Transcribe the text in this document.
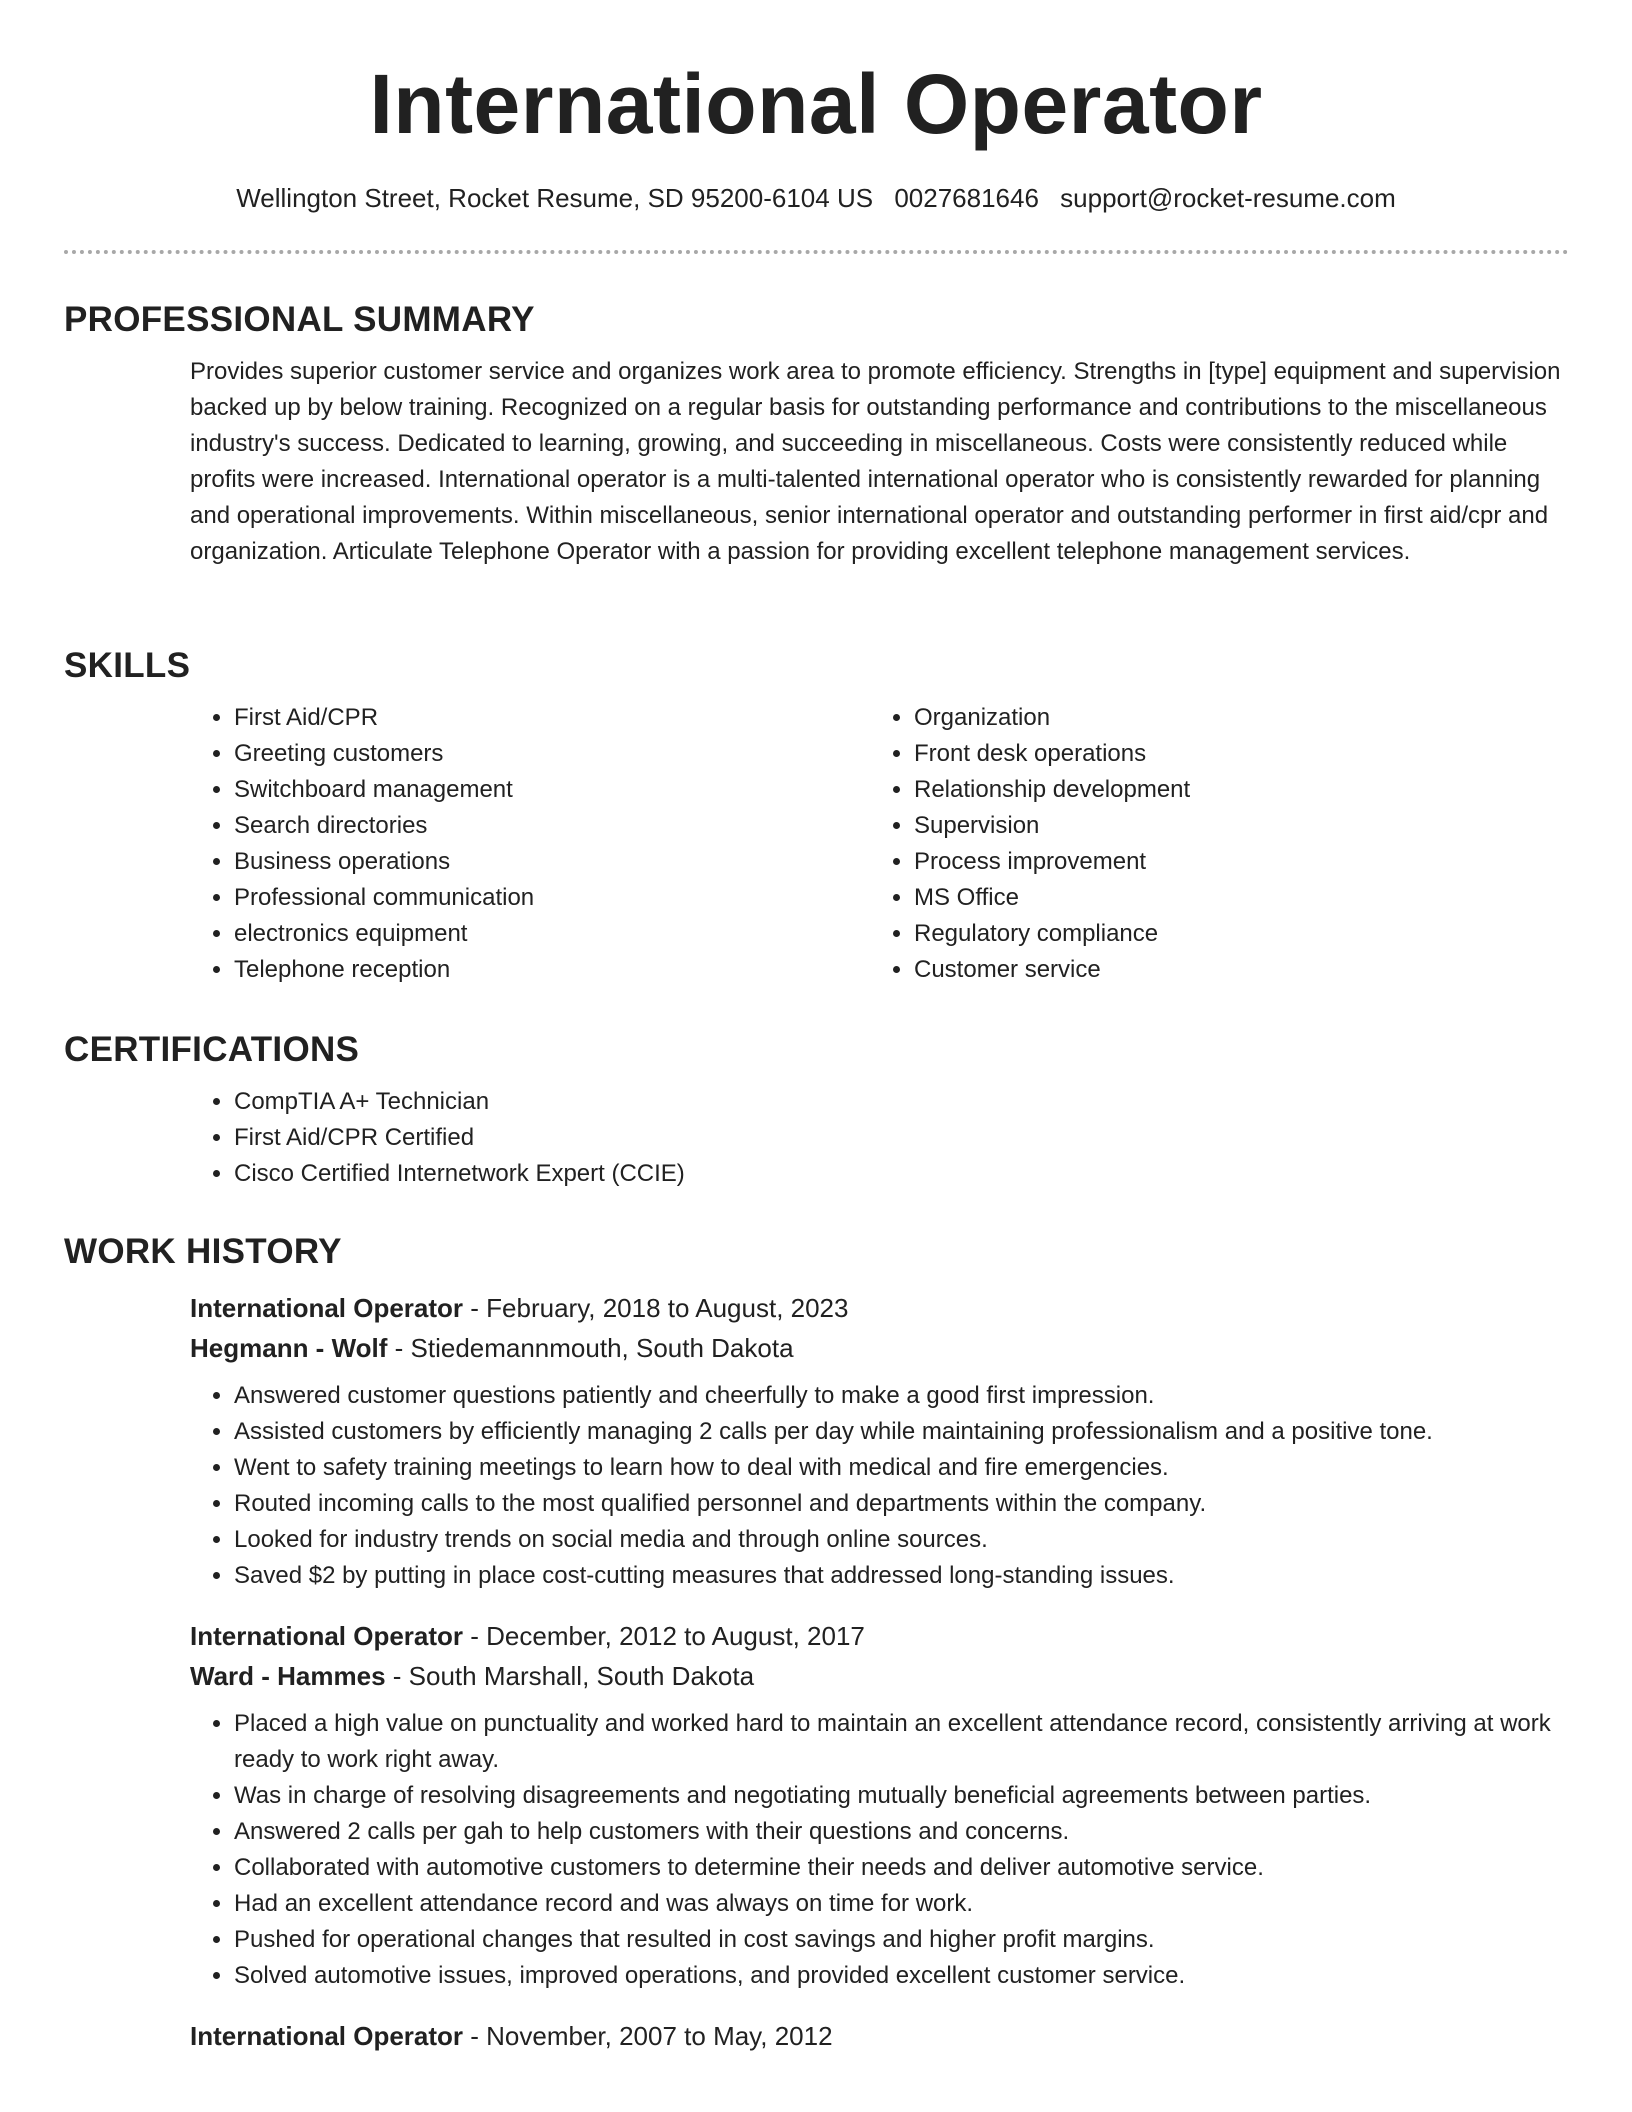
International Operator
Wellington Street, Rocket Resume, SD 95200-6104 US 0027681646 support@rocket-resume.com
PROFESSIONAL SUMMARY

Provides superior customer service and organizes work area to promote efficiency. Strengths in [type] equipment and supervision backed up by below training. Recognized on a regular basis for outstanding performance and contributions to the miscellaneous industry's success. Dedicated to learning, growing, and succeeding in miscellaneous. Costs were consistently reduced while profits were increased. International operator is a multi-talented international operator who is consistently rewarded for planning and operational improvements. Within miscellaneous, senior international operator and outstanding performer in first aid/cpr and organization. Articulate Telephone Operator with a passion for providing excellent telephone management services.

SKILLS
• First Aid/CPR
• Greeting customers
• Switchboard management
• Search directories
• Business operations
• Professional communication
• electronics equipment
• Telephone reception
• Organization
• Front desk operations
• Relationship development
• Supervision
• Process improvement
• MS Office
• Regulatory compliance
• Customer service
CERTIFICATIONS
• CompTIA A+ Technician
• First Aid/CPR Certified
• Cisco Certified Internetwork Expert (CCIE)
WORK HISTORY
International Operator - February, 2018 to August, 2023
Hegmann - Wolf - Stiedemannmouth, South Dakota
• Answered customer questions patiently and cheerfully to make a good first impression.
• Assisted customers by efficiently managing 2 calls per day while maintaining professionalism and a positive tone.
• Went to safety training meetings to learn how to deal with medical and fire emergencies.
• Routed incoming calls to the most qualified personnel and departments within the company.
• Looked for industry trends on social media and through online sources.
• Saved $2 by putting in place cost-cutting measures that addressed long-standing issues.
International Operator - December, 2012 to August, 2017
Ward - Hammes - South Marshall, South Dakota
• Placed a high value on punctuality and worked hard to maintain an excellent attendance record, consistently arriving at work ready to work right away.
• Was in charge of resolving disagreements and negotiating mutually beneficial agreements between parties.
• Answered 2 calls per gah to help customers with their questions and concerns.
• Collaborated with automotive customers to determine their needs and deliver automotive service.
• Had an excellent attendance record and was always on time for work.
• Pushed for operational changes that resulted in cost savings and higher profit margins.
• Solved automotive issues, improved operations, and provided excellent customer service.
International Operator - November, 2007 to May, 2012
